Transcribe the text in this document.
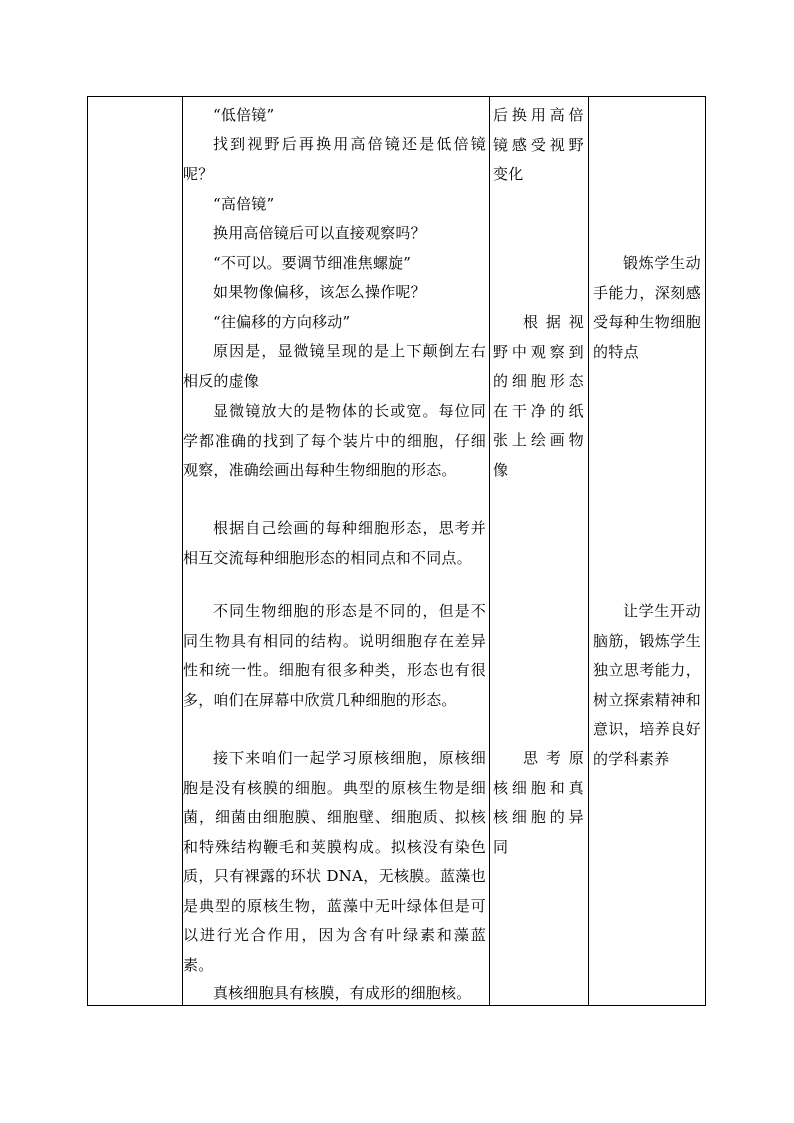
“低倍镜”
找到视野后再换用高倍镜还是低倍镜呢？
“高倍镜”
换用高倍镜后可以直接观察吗？
“不可以。要调节细准焦螺旋”
如果物像偏移，该怎么操作呢？
“往偏移的方向移动”
原因是，显微镜呈现的是上下颠倒左右相反的虚像
显微镜放大的是物体的长或宽。每位同学都准确的找到了每个装片中的细胞，仔细观察，准确绘画出每种生物细胞的形态。
根据自己绘画的每种细胞形态，思考并相互交流每种细胞形态的相同点和不同点。
不同生物细胞的形态是不同的，但是不同生物具有相同的结构。说明细胞存在差异性和统一性。细胞有很多种类，形态也有很多，咱们在屏幕中欣赏几种细胞的形态。
接下来咱们一起学习原核细胞，原核细胞是没有核膜的细胞。典型的原核生物是细菌，细菌由细胞膜、细胞壁、细胞质、拟核和特殊结构鞭毛和荚膜构成。拟核没有染色质，只有裸露的环状 DNA，无核膜。蓝藻也是典型的原核生物，蓝藻中无叶绿体但是可以进行光合作用，因为含有叶绿素和藻蓝素。
真核细胞具有核膜，有成形的细胞核。
后换用高倍镜感受视野变化
根据视野中观察到的细胞形态在干净的纸张上绘画物像
思考原核细胞和真核细胞的异同
锻炼学生动手能力，深刻感受每种生物细胞的特点
让学生开动脑筋，锻炼学生独立思考能力，树立探索精神和意识，培养良好的学科素养
